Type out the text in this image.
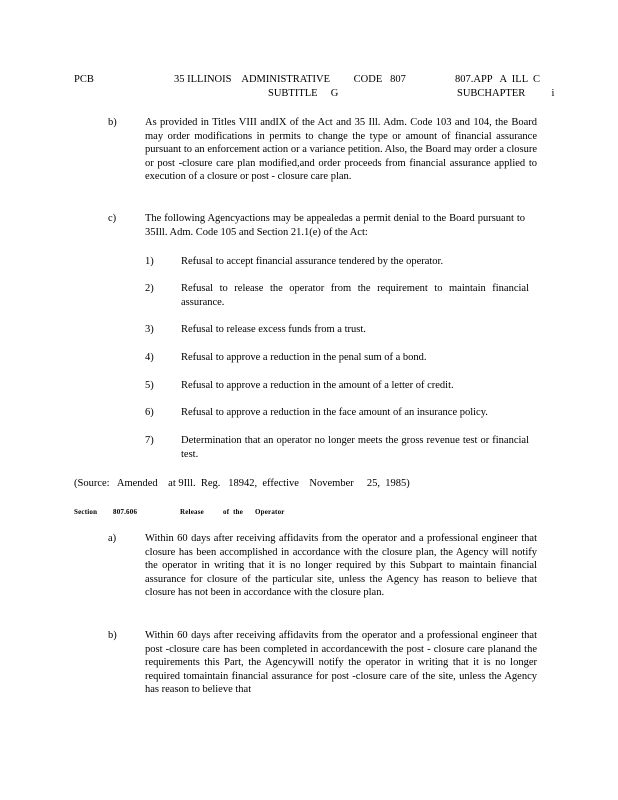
PCB	35 ILLINOIS    ADMINISTRATIVE         CODE   807
SUBTITLE     G
807.APP   A  ILL  C
SUBCHAPTER          i
b)	As provided in Titles VIII andIX of the Act and 35 Ill. Adm. Code 103 and 104, the Board may order modifications in permits to change the type or amount of financial assurance pursuant to an enforcement action or a variance petition. Also, the Board may order a closure or post -closure care plan modified,and order proceeds from financial assurance applied to execution of a closure or post - closure care plan.
c)	The following Agencyactions may be appealedas a permit denial to the Board pursuant to 35Ill. Adm. Code 105 and Section 21.1(e) of the Act:
1)	Refusal to accept financial assurance tendered by the operator.
2)	Refusal to release the operator from the requirement to maintain financial assurance.
3)	Refusal to release excess funds from a trust.
4)	Refusal to approve a reduction in the penal sum of a bond.
5)	Refusal to approve a reduction in the amount of a letter of credit.
6)	Refusal to approve a reduction in the face amount of an insurance policy.
7)	Determination that an operator no longer meets the gross revenue test or financial test.
(Source:   Amended    at 9Ill.  Reg.   18942,  effective    November     25,  1985)
Section 807.606	Release	of  the Operator
a)	Within 60 days after receiving affidavits from the operator and a professional engineer that closure has been accomplished in accordance with the closure plan, the Agency will notify the operator in writing that it is no longer required by this Subpart to maintain financial assurance for closure of the particular site, unless the Agency has reason to believe that closure has not been in accordance with the closure plan.
b)	Within 60 days after receiving affidavits from the operator and a professional engineer that post -closure care has been completed in accordancewith the post - closure care planand the requirements this Part, the Agencywill notify the operator in writing that it is no longer required tomaintain financial assurance for post -closure care of the site, unless the Agency has reason to believe that
